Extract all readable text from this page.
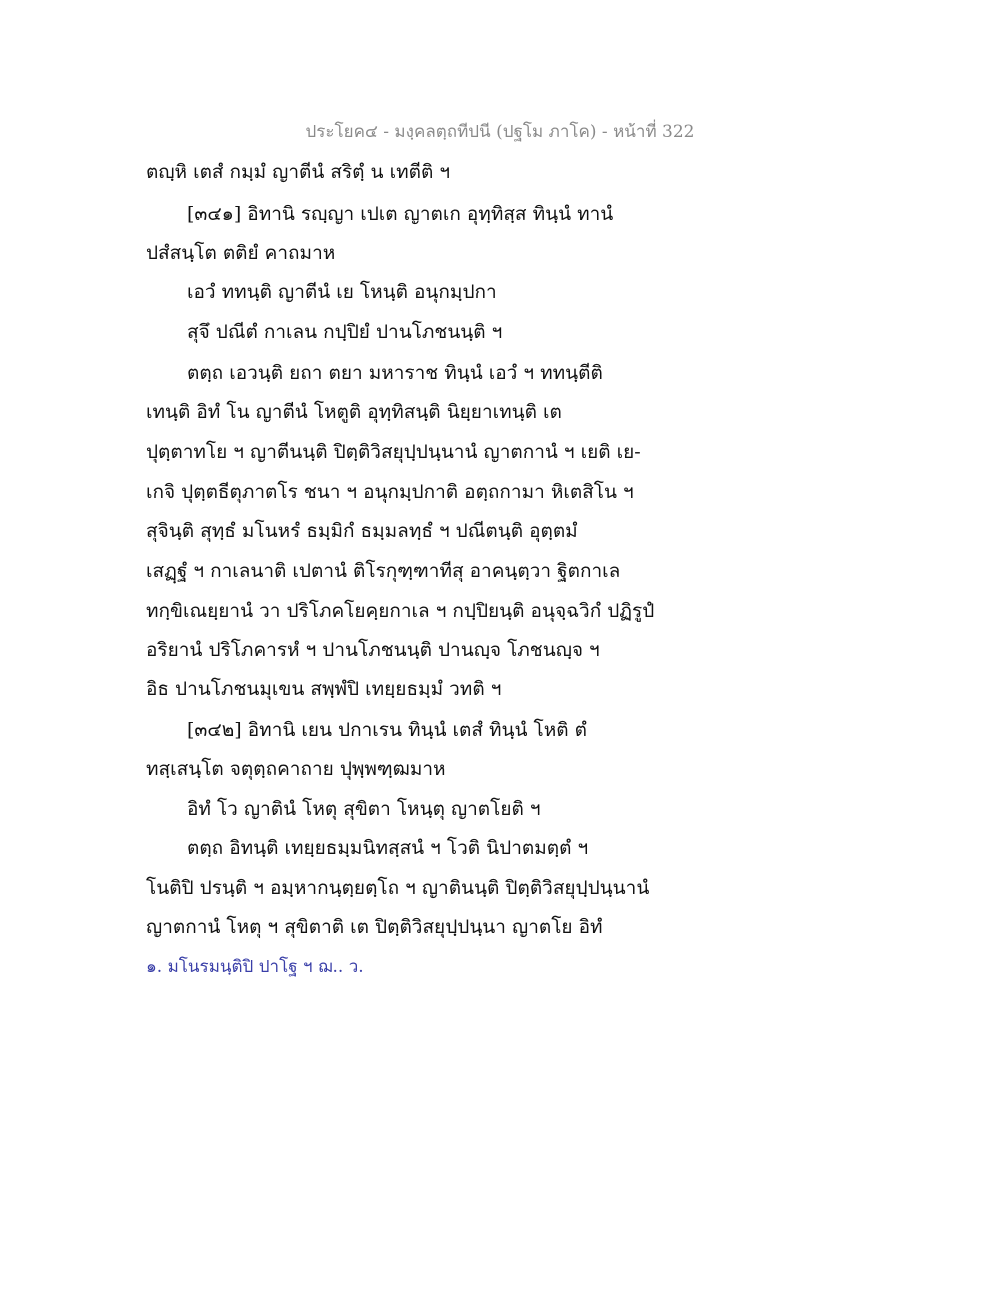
ประโยค๔ - มงฺคลตฺถทีปนี (ปฐโม ภาโค) - หน้าที่ 322
ตญฺหิ เตสํ กมฺมํ ญาตีนํ สริตฺํ น เทตีติ ฯ
[๓๔๑] อิทานิ รญฺญา เปเต ญาตเก อุทฺทิสฺส ทินฺนํ ทานํ
ปสํสนฺโต ตติยํ คาถมาห
เอวํ ททนฺติ ญาตีนํ เย โหนฺติ อนุกมฺปกา
สุจึ ปณีตํ กาเลน กปฺปิยํ ปานโภชนนฺติ ฯ
ตตฺถ เอวนฺติ ยถา ตยา มหาราช ทินฺนํ เอวํ ฯ ททนฺตีติ
เทนฺติ อิทํ โน ญาตีนํ โหตูติ อุทฺทิสนฺติ นิยฺยาเทนฺติ เต
ปุตฺตาทโย ฯ ญาตีนนฺติ ปิตฺติวิสยุปฺปนฺนานํ ญาตกานํ ฯ เยติ เย-
เกจิ ปุตฺตธีตุภาตโร ชนา ฯ อนุกมฺปกาติ อตฺถกามา หิเตสิโน ฯ
สุจินฺติ สุทฺธํ มโนหรํ ธมฺมิกํ ธมฺมลทฺธํ ฯ ปณีตนฺติ อุตฺตมํ
เสฏฺฐํ ฯ กาเลนาติ เปตานํ ติโรกุฑฺฑาทีสุ อาคนฺตฺวา ฐิตกาเล
ทกฺขิเณยฺยานํ วา ปริโภคโยคฺยกาเล ฯ กปฺปิยนฺติ อนุจฺฉวิกํ ปฏิรูปํ
อริยานํ ปริโภคารหํ ฯ ปานโภชนนฺติ ปานญฺจ โภชนญฺจ ฯ
อิธ ปานโภชนมุเขน สพฺพํปิ เทยฺยธมฺมํ วทติ ฯ
[๓๔๒] อิทานิ เยน ปกาเรน ทินฺนํ เตสํ ทินฺนํ โหติ ตํ
ทสฺเสนฺโต จตุตฺถคาถาย ปุพฺพฑฺฒมาห
อิทํ โว ญาตินํ โหตุ สุขิตา โหนฺตุ ญาตโยติ ฯ
ตตฺถ อิทนฺติ เทยฺยธมฺมนิทสฺสนํ ฯ โวติ นิปาตมตฺตํ ฯ
โนติปิ ปรนฺติ ฯ อมฺหากนฺตฺยตฺโถ ฯ ญาตินนฺติ ปิตฺติวิสยุปฺปนฺนานํ
ญาตกานํ โหตุ ฯ สุขิตาติ เต ปิตฺติวิสยุปฺปนฺนา ญาตโย อิทํ
๑. มโนรมนฺติปิ ปาโฐ ฯ ฌ.. ว.
